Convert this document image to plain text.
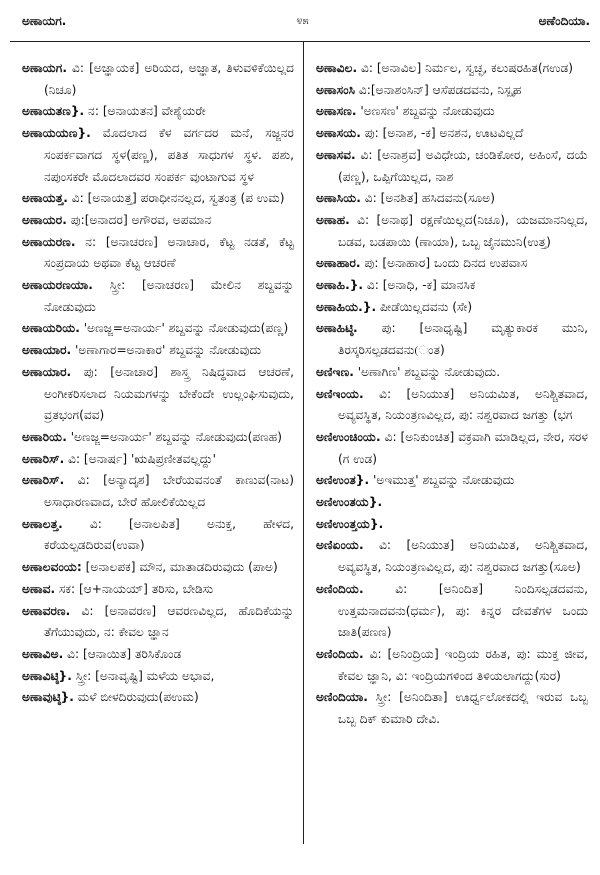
ಅಣಾಯಗ.	೪೫	ಅಣೆಂದಿಯಾ.
ಅಣಾಯಗ. ವಿ: [ಅಜ್ಞಾಯಕ] ಅರಿಯದ, ಅಜ್ಞಾತ, ತಿಳುವಳಿಕೆಯಿಲ್ಲದ (ನಿಚೂ)
ಅಣಾಯತಣ}. ನ: [ಅನಾಯತನ] ವೇಶ್ಯೆಯರೇ
ಅಣಾಯಯಣ}. ಮೊದಲಾದ ಕೆಳ ವರ್ಗದರ ಮನೆ, ಸಜ್ಜನರ ಸಂಪರ್ಕವಾಗದ ಸ್ಥಳ(ಪಣ್ಣ), ಪತಿತ ಸಾಧುಗಳ ಸ್ಥಳ. ಪಶು, ನಪುಂಸಕರೇ ಮೊದಲಾದವರ ಸಂಪರ್ಕ ವುಂಟಾಗುವ ಸ್ಥಳ
ಅಣಾಯತ್ತ. ವಿ: [ಅನಾಯತ್ತ] ಪರಾಧೀನನಲ್ಲದ, ಸ್ವತಂತ್ರ (ಪ ಉಮ)
ಅಣಾಯರ. ಪು:[ಅನಾದರ] ಅಗೌರವ, ಅಪಮಾನ
ಅಣಾಯರಣ. ನ: [ಅನಾಚರಣ] ಅನಾಚಾರ, ಕೆಟ್ಟ ನಡತೆ, ಕೆಟ್ಟ ಸಂಪ್ರದಾಯ ಅಥವಾ ಕೆಟ್ಟ ಆಚರಣೆ
ಅಣಾಯರಣಯಾ. ಸ್ತ್ರೀ: [ಅನಾಚರಣ] ಮೇಲಿನ ಶಬ್ದವನ್ನು ನೋಡುವುದು
ಅಣಾಯರಿಯ. 'ಅಣಜ್ಜ=ಅನಾರ್ಯ' ಶಬ್ದವನ್ನು ನೋಡುವುದು(ಪಣ್ಣ)
ಅಣಾಯಾರ. 'ಅಣಾಗಾರ=ಅನಾಕಾರ' ಶಬ್ದವನ್ನು ನೋಡುವುದು
ಅಣಾಯಾರ. ಪು: [ಅನಾಚಾರ] ಶಾಸ್ತ್ರ ನಿಷಿದ್ಧವಾದ ಆಚರಣೆ, ಅಂಗೀಕರಿಸಲಾದ ನಿಯಮಗಳನ್ನು ಬೇಕೆಂದೇ ಉಲ್ಲಂಘಿಸುವುದು, ವ್ರತಭಂಗ(ವವ)
ಅಣಾರಿಯ. 'ಅಣಜ್ಜ=ಅನಾರ್ಯ' ಶಬ್ದವನ್ನು ನೋಡುವುದು(ಪಣಹ)
ಅಣಾರಿಸ್. ವಿ: [ಅನಾರ್ಷ] 'ಋಷಿಪ್ರಣೀತವಲ್ಲದ್ದು'
ಅಣಾರಿಸ್. ವಿ: [ಅನ್ಯಾದೃಶ] ಬೇರೆಯವನಂತೆ ಕಾಣುವ(ನಾಟ) ಅಸಾಧಾರಣವಾದ, ಬೇರೆ ಹೋಲಿಕೆಯಿಲ್ಲದ
ಅಣಾಲತ್ತ. ವಿ: [ಅನಾಲಪಿತ] ಅನುಕ್ತ, ಹೇಳದ, ಕರೆಯಲ್ಪಡದಿರುವ(ಉವಾ)
ಅಣಾಲವಂಯ: [ಅನಾಲಪಕ] ಮೌನ, ಮಾತಾಡದಿರುವುದು (ಪಾಅ)
ಅಣಾವ. ಸಕ: [ಆ+ನಾಯಯ್] ತರಿಸು, ಬೇಡಿಸು
ಅಣಾವರಣ. ವಿ: [ಅನಾವರಣ] ಆವರಣವಿಲ್ಲದ, ಹೊದಿಕೆಯನ್ನು ತೆಗೆಯುವುದು, ನ: ಕೇವಲ ಜ್ಞಾನ
ಅಣಾವಿಅ. ವಿ: [ಆನಾಯಿತ] ತರಿಸಿಕೊಂಡ
ಅಣಾವಿಟ್ಠಿ}. ಸ್ತ್ರೀ: [ಅನಾವೃಷ್ಟಿ] ಮಳೆಯ ಅಭಾವ,
ಅಣಾವುಟ್ಠಿ}. ಮಳೆ ಬೀಳದಿರುವುದು(ಪಉಮ)
ಅಣಾವಿಲ. ವಿ: [ಅನಾವಿಲ] ನಿರ್ಮಲ, ಸ್ವಚ್ಛ, ಕಲುಷರಹಿತ(ಗಉಡ)
ಅಣಾಸಂಸಿ ವಿ:[ಅನಾಶಂಸಿನ್] ಆಸೆಪಡದವನು, ನಿಸ್ಪೃಹ
ಅಣಾಸಣ. 'ಅಣಸಣ' ಶಬ್ದವನ್ನು ನೋಡುವುದು
ಅಣಾಸಯ. ಪು: [ಅನಾಶ, -ಕ] ಅನಶನ, ಊಟವಿಲ್ಲದೆ
ಅಣಾಸವ. ವಿ: [ಅನಾಶ್ರವ] ಅವಿಧೇಯ, ಚಂಡಿಕೋರ, ಅಹಿಂಸೆ, ದಯೆ (ಪಣ್ಣ), ಒಪ್ಪಿಗೆಯಿಲ್ಲದ, ನಾಶ
ಅಣಾಸಿಯ. ವಿ: [ಅನಶಿತ] ಹಸಿದವನು(ಸೂಅ)
ಅಣಾಹ. ವಿ: [ಅನಾಥ] ರಕ್ಷಣೆಯಿಲ್ಲದ(ನಿಚೂ), ಯಜಮಾನನಿಲ್ಲದ, ಬಡವ, ಬಡಪಾಯಿ (ಣಾಯಾ), ಒಬ್ಬ ಜೈನಮುನಿ(ಉತ್ತ)
ಅಣಾಹಾರ. ಪು: [ಅನಾಹಾರ] ಒಂದು ದಿನದ ಉಪವಾಸ
ಅಣಾಹಿ.}. ವಿ: [ಅನಾಧಿ, -ಕ] ಮಾನಸಿಕ
ಅಣಾಹಿಯ.}. ಪೀಡೆಯಿಲ್ಲದವನು (ಸೇ)
ಅಣಾಹಿಟ್ಠಿ. ಪು: [ಅನಾಧೃಷ್ಟಿ] ಮೃತ್ಯುಕಾರಕ ಮುನಿ, ತಿರಸ್ಕರಿಸಲ್ಪಡದವನು(ಂತ)
ಅಣಿಇಣ. 'ಅಣಾಗಿಣ' ಶಬ್ದವನ್ನು ನೋಡುವುದು.
ಅಣಿಇಂಯ. ವಿ: [ಅನಿಯುತ] ಅನಿಯಮಿತ, ಅನಿಶ್ಚಿತವಾದ, ಅವ್ಯವಸ್ಥಿತ, ನಿಯಂತ್ರಣವಿಲ್ಲದ, ಪು: ನಶ್ವರವಾದ ಜಗತ್ತು (ಭಗ
ಅಣಿಉಂಚಿಂಯ. ವಿ: [ಅನಿಕುಂಚಿತ] ವಕ್ರವಾಗಿ ಮಾಡಿಲ್ಲದ, ನೇರ, ಸರಳ (ಗ ಉಡ)
ಅಣಿಉಂತ}. 'ಅಇಮುತ್ತ' ಶಬ್ದವನ್ನು ನೋಡುವುದು
ಅಣಿಉಂತಯ}.
ಅಣಿಉಂತ್ತಯ}.
ಅಣಿಏಂಯ. ವಿ: [ಅನಿಯುತ] ಅನಿಯಮಿತ, ಅನಿಶ್ಚಿತವಾದ, ಅವ್ಯವಸ್ಥಿತ, ನಿಯಂತ್ರಣವಿಲ್ಲದ, ಪು: ನಶ್ವರವಾದ ಜಗತ್ತು(ಸೂಅ)
ಅಣಿಂದಿಯ. ವಿ: [ಅನಿಂದಿತ] ನಿಂದಿಸಲ್ಪಡದವನು, ಉತ್ತಮನಾದವನು(ಧರ್ಮ), ಪು: ಕಿನ್ನರ ದೇವತೆಗಳ ಒಂದು ಜಾತಿ(ಪಣಣ)
ಅಣಿಂದಿಯ. ವಿ: [ಅನಿಂದ್ರಿಯ] ಇಂದ್ರಿಯ ರಹಿತ, ಪು: ಮುಕ್ತ ಜೀವ, ಕೇವಲ ಜ್ಞಾನಿ, ವಿ: ಇಂದ್ರಿಯಗಳಿಂದ ತಿಳಿಯಲಾಗದ್ದು(ಸುರ)
ಅಣಿಂದಿಯಾ. ಸ್ತ್ರೀ: [ಅನಿಂದಿತಾ] ಊರ್ಧ್ವಲೋಕದಲ್ಲಿ ಇರುವ ಒಬ್ಬ ಒಬ್ಬ ದಿಕ್ ಕುಮಾರಿ ದೇವಿ.
